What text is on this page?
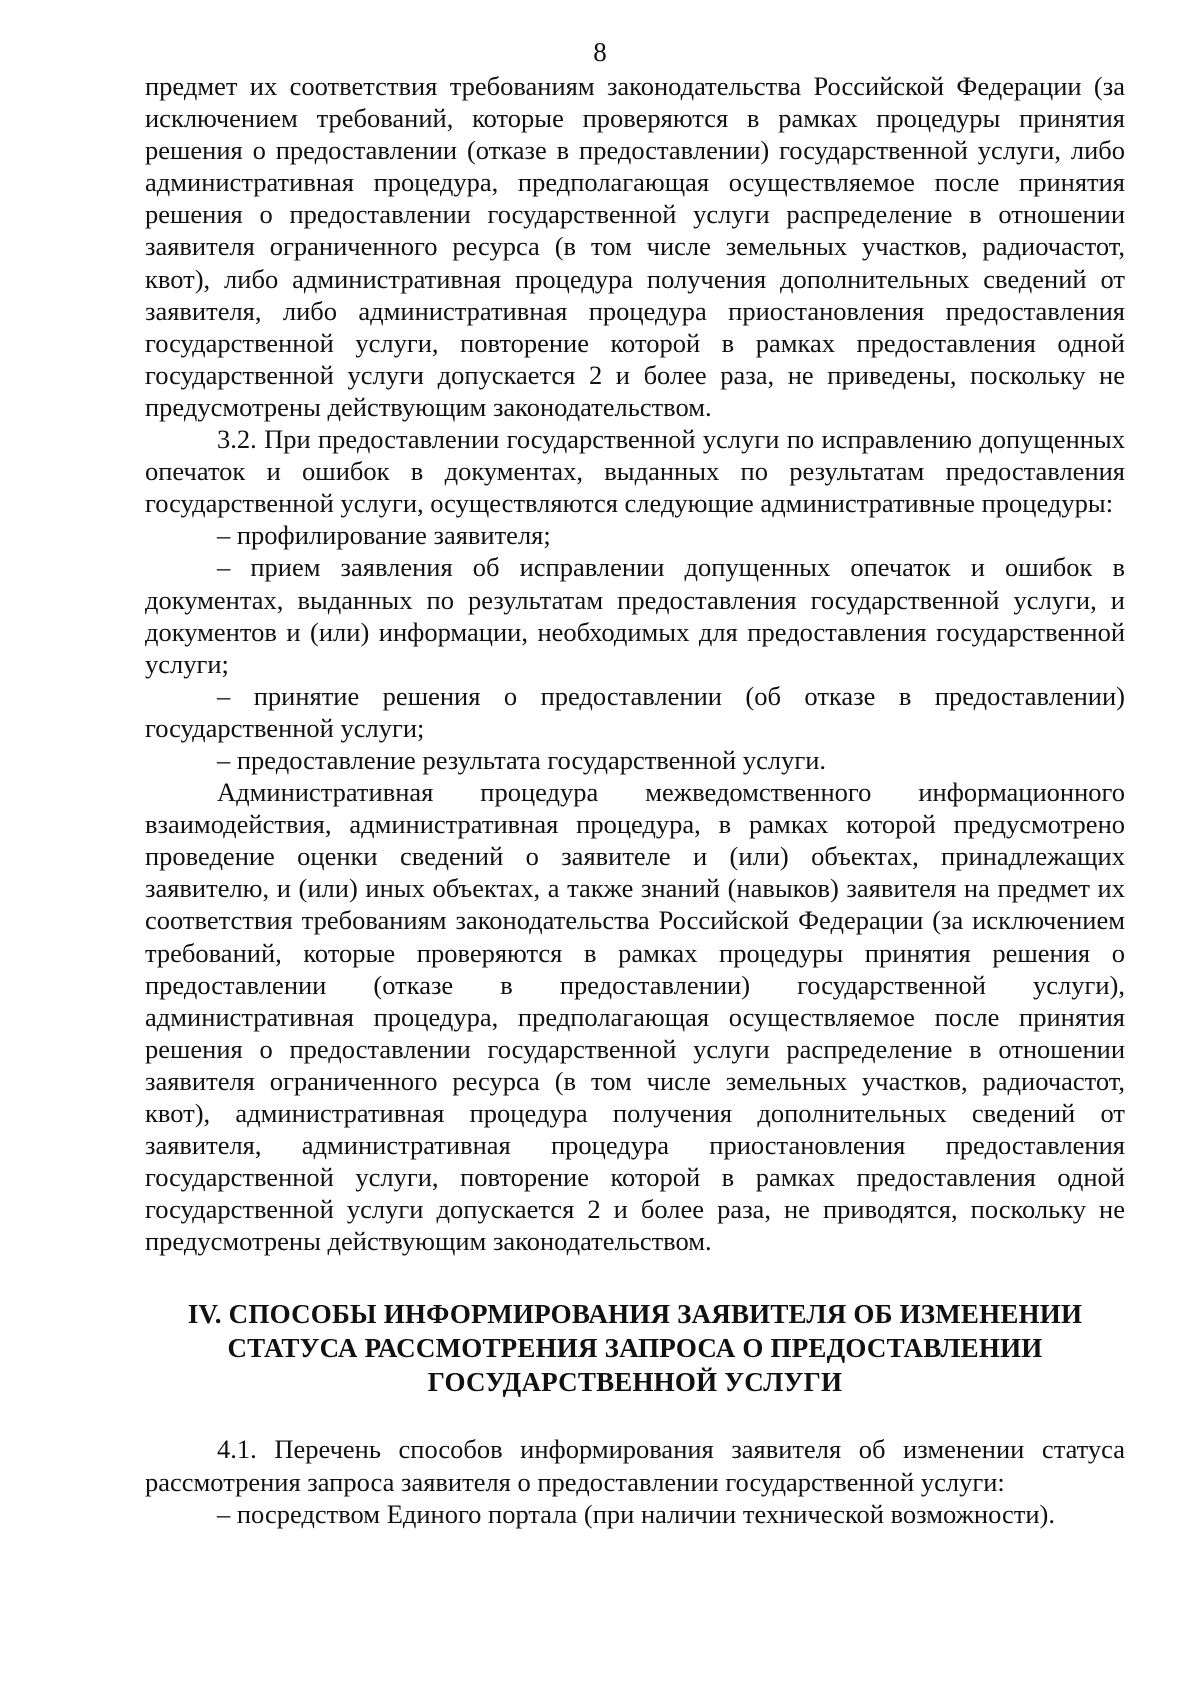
8

предмет их соответствия требованиям законодательства Российской Федерации (за исключением требований, которые проверяются в рамках процедуры принятия решения о предоставлении (отказе в предоставлении) государственной услуги, либо административная процедура, предполагающая осуществляемое после принятия решения о предоставлении государственной услуги распределение в отношении заявителя ограниченного ресурса (в том числе земельных участков, радиочастот, квот), либо административная процедура получения дополнительных сведений от заявителя, либо административная процедура приостановления предоставления государственной услуги, повторение которой в рамках предоставления одной государственной услуги допускается 2 и более раза, не приведены, поскольку не предусмотрены действующим законодательством.

3.2. При предоставлении государственной услуги по исправлению допущенных опечаток и ошибок в документах, выданных по результатам предоставления государственной услуги, осуществляются следующие административные процедуры:

– профилирование заявителя;

– прием заявления об исправлении допущенных опечаток и ошибок в документах, выданных по результатам предоставления государственной услуги, и документов и (или) информации, необходимых для предоставления государственной услуги;

– принятие решения о предоставлении (об отказе в предоставлении) государственной услуги;

– предоставление результата государственной услуги.

Административная процедура межведомственного информационного взаимодействия, административная процедура, в рамках которой предусмотрено проведение оценки сведений о заявителе и (или) объектах, принадлежащих заявителю, и (или) иных объектах, а также знаний (навыков) заявителя на предмет их соответствия требованиям законодательства Российской Федерации (за исключением требований, которые проверяются в рамках процедуры принятия решения о предоставлении (отказе в предоставлении) государственной услуги), административная процедура, предполагающая осуществляемое после принятия решения о предоставлении государственной услуги распределение в отношении заявителя ограниченного ресурса (в том числе земельных участков, радиочастот, квот), административная процедура получения дополнительных сведений от заявителя, административная процедура приостановления предоставления государственной услуги, повторение которой в рамках предоставления одной государственной услуги допускается 2 и более раза, не приводятся, поскольку не предусмотрены действующим законодательством.

IV. СПОСОБЫ ИНФОРМИРОВАНИЯ ЗАЯВИТЕЛЯ ОБ ИЗМЕНЕНИИ СТАТУСА РАССМОТРЕНИЯ ЗАПРОСА О ПРЕДОСТАВЛЕНИИ ГОСУДАРСТВЕННОЙ УСЛУГИ

4.1. Перечень способов информирования заявителя об изменении статуса рассмотрения запроса заявителя о предоставлении государственной услуги:

– посредством Единого портала (при наличии технической возможности).
